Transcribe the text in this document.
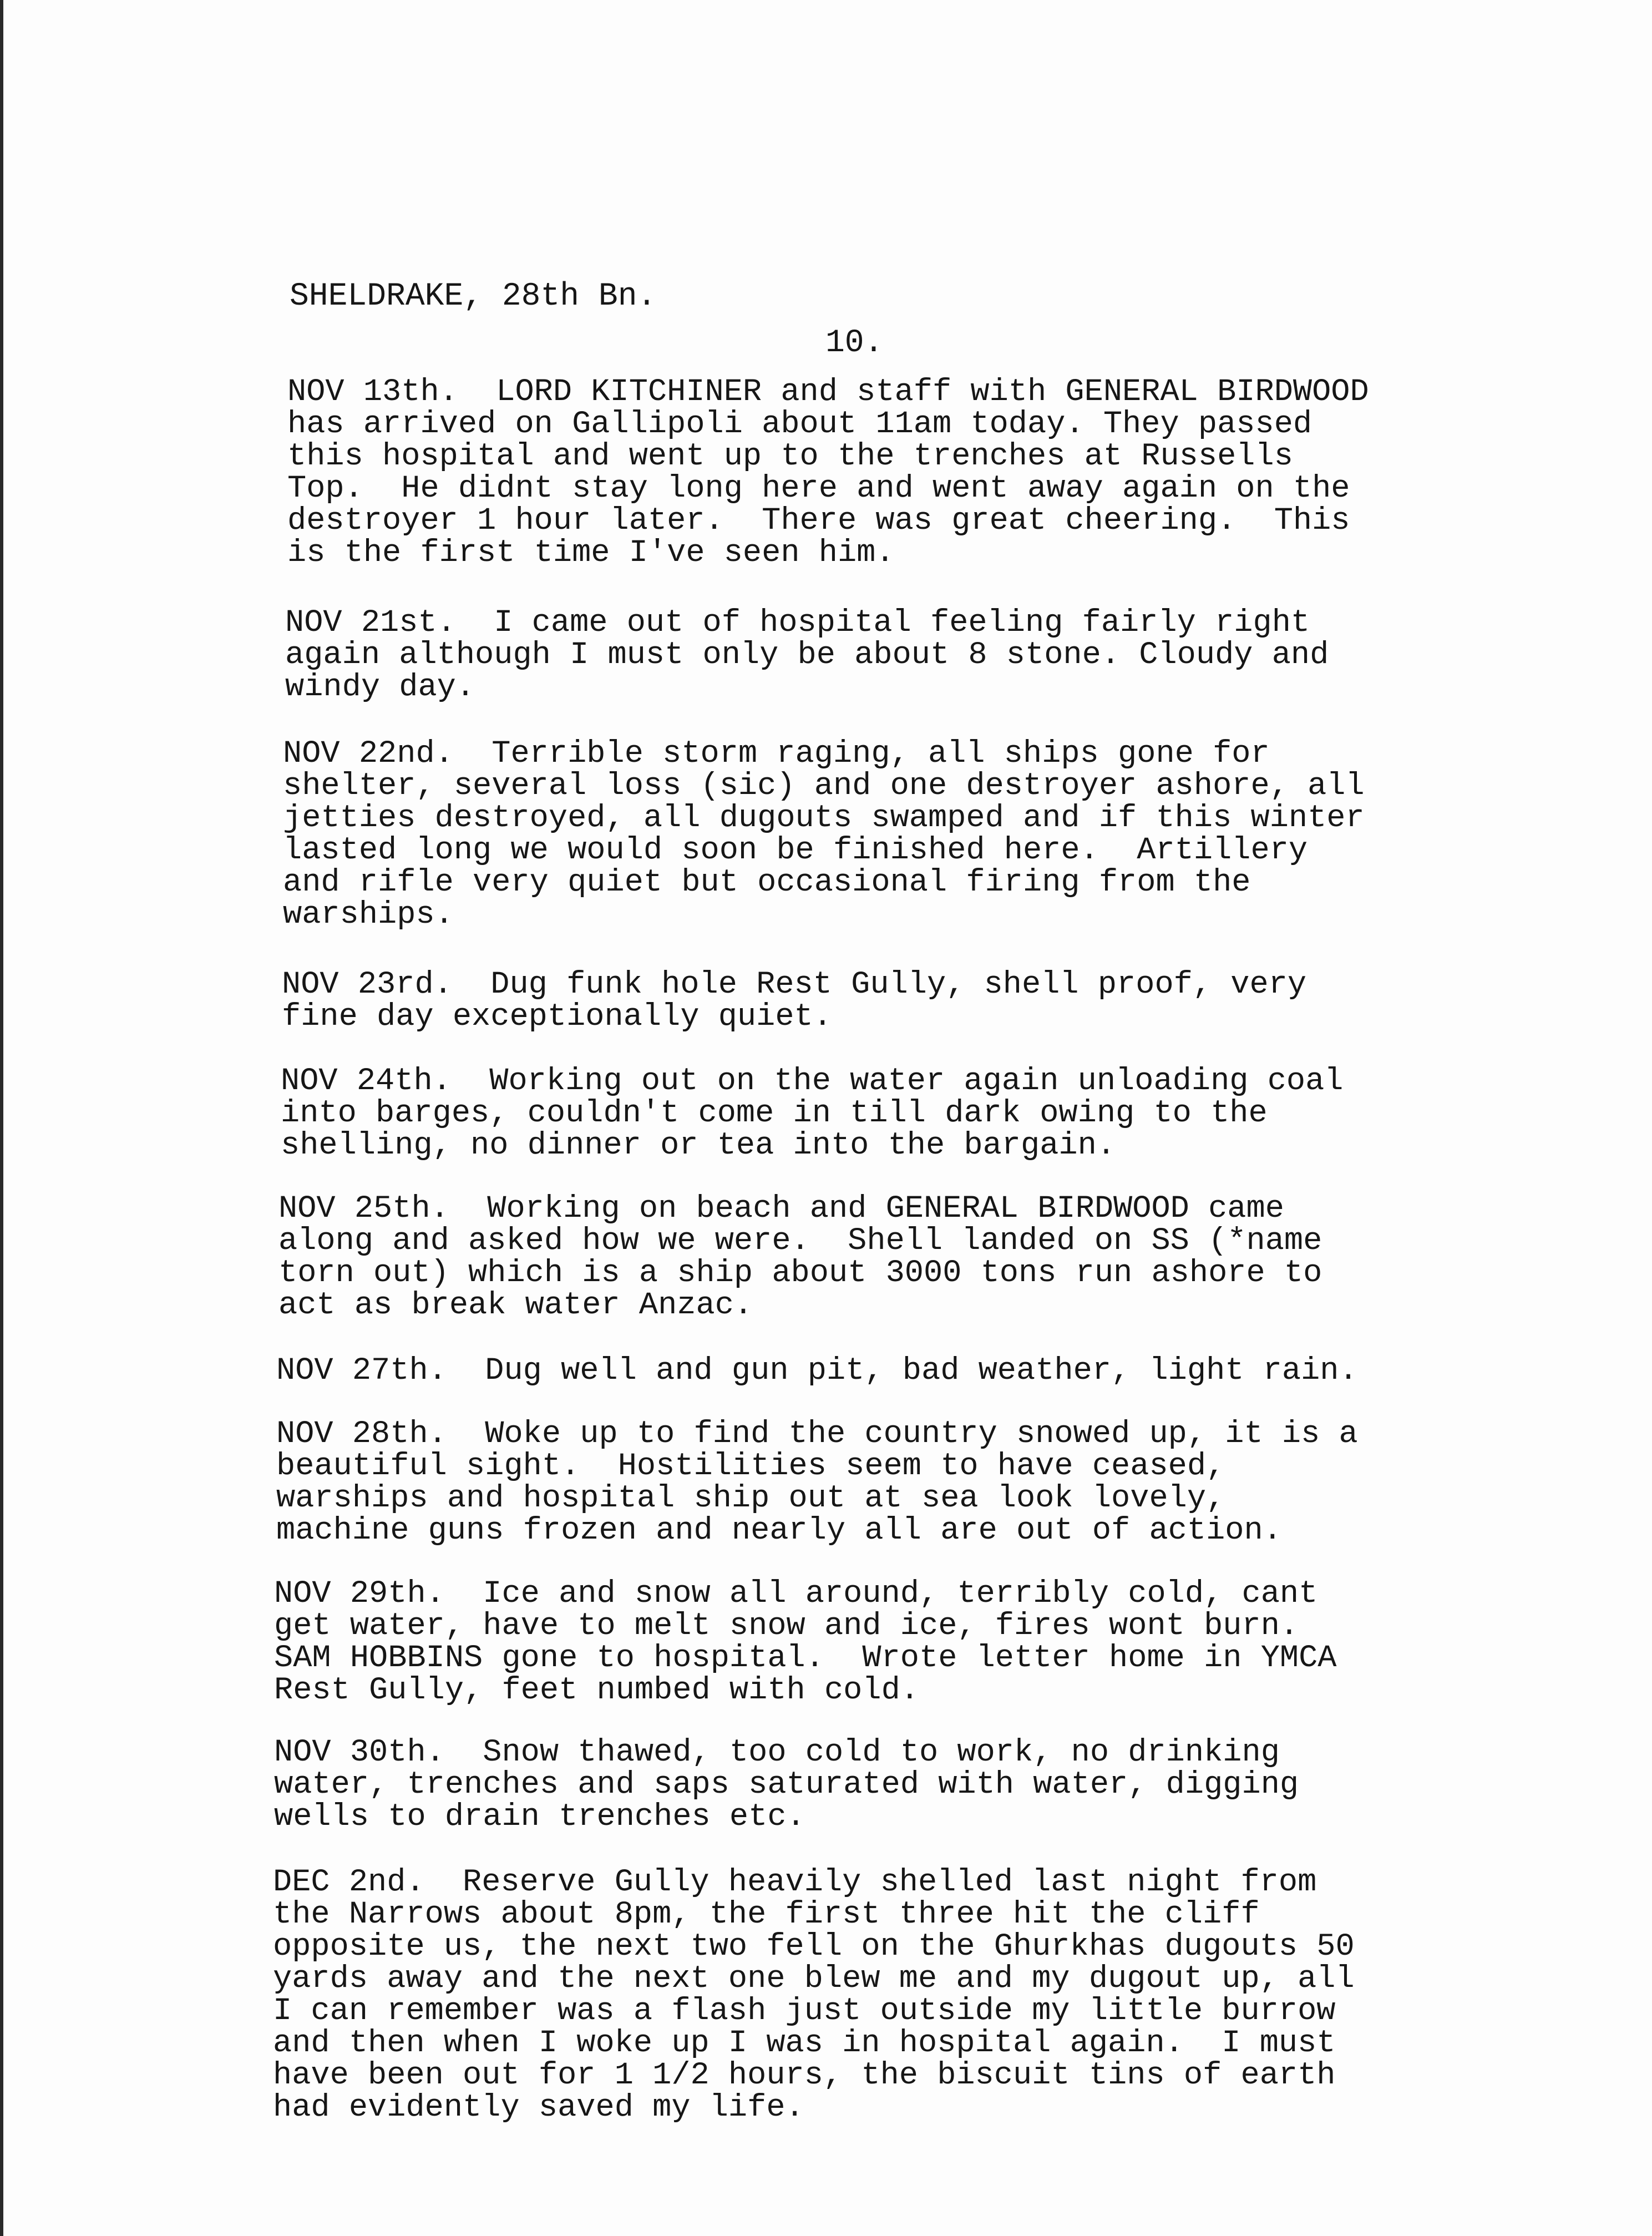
SHELDRAKE, 28th Bn.
10.
NOV 13th.  LORD KITCHINER and staff with GENERAL BIRDWOOD
has arrived on Gallipoli about 11am today. They passed
this hospital and went up to the trenches at Russells
Top.  He didnt stay long here and went away again on the
destroyer 1 hour later.  There was great cheering.  This
is the first time I've seen him.
NOV 21st.  I came out of hospital feeling fairly right
again although I must only be about 8 stone. Cloudy and
windy day.
NOV 22nd.  Terrible storm raging, all ships gone for
shelter, several loss (sic) and one destroyer ashore, all
jetties destroyed, all dugouts swamped and if this winter
lasted long we would soon be finished here.  Artillery
and rifle very quiet but occasional firing from the
warships.
NOV 23rd.  Dug funk hole Rest Gully, shell proof, very
fine day exceptionally quiet.
NOV 24th.  Working out on the water again unloading coal
into barges, couldn't come in till dark owing to the
shelling, no dinner or tea into the bargain.
NOV 25th.  Working on beach and GENERAL BIRDWOOD came
along and asked how we were.  Shell landed on SS (*name
torn out) which is a ship about 3000 tons run ashore to
act as break water Anzac.
NOV 27th.  Dug well and gun pit, bad weather, light rain.
NOV 28th.  Woke up to find the country snowed up, it is a
beautiful sight.  Hostilities seem to have ceased,
warships and hospital ship out at sea look lovely,
machine guns frozen and nearly all are out of action.
NOV 29th.  Ice and snow all around, terribly cold, cant
get water, have to melt snow and ice, fires wont burn.
SAM HOBBINS gone to hospital.  Wrote letter home in YMCA
Rest Gully, feet numbed with cold.
NOV 30th.  Snow thawed, too cold to work, no drinking
water, trenches and saps saturated with water, digging
wells to drain trenches etc.
DEC 2nd.  Reserve Gully heavily shelled last night from
the Narrows about 8pm, the first three hit the cliff
opposite us, the next two fell on the Ghurkhas dugouts 50
yards away and the next one blew me and my dugout up, all
I can remember was a flash just outside my little burrow
and then when I woke up I was in hospital again.  I must
have been out for 1 1/2 hours, the biscuit tins of earth
had evidently saved my life.
